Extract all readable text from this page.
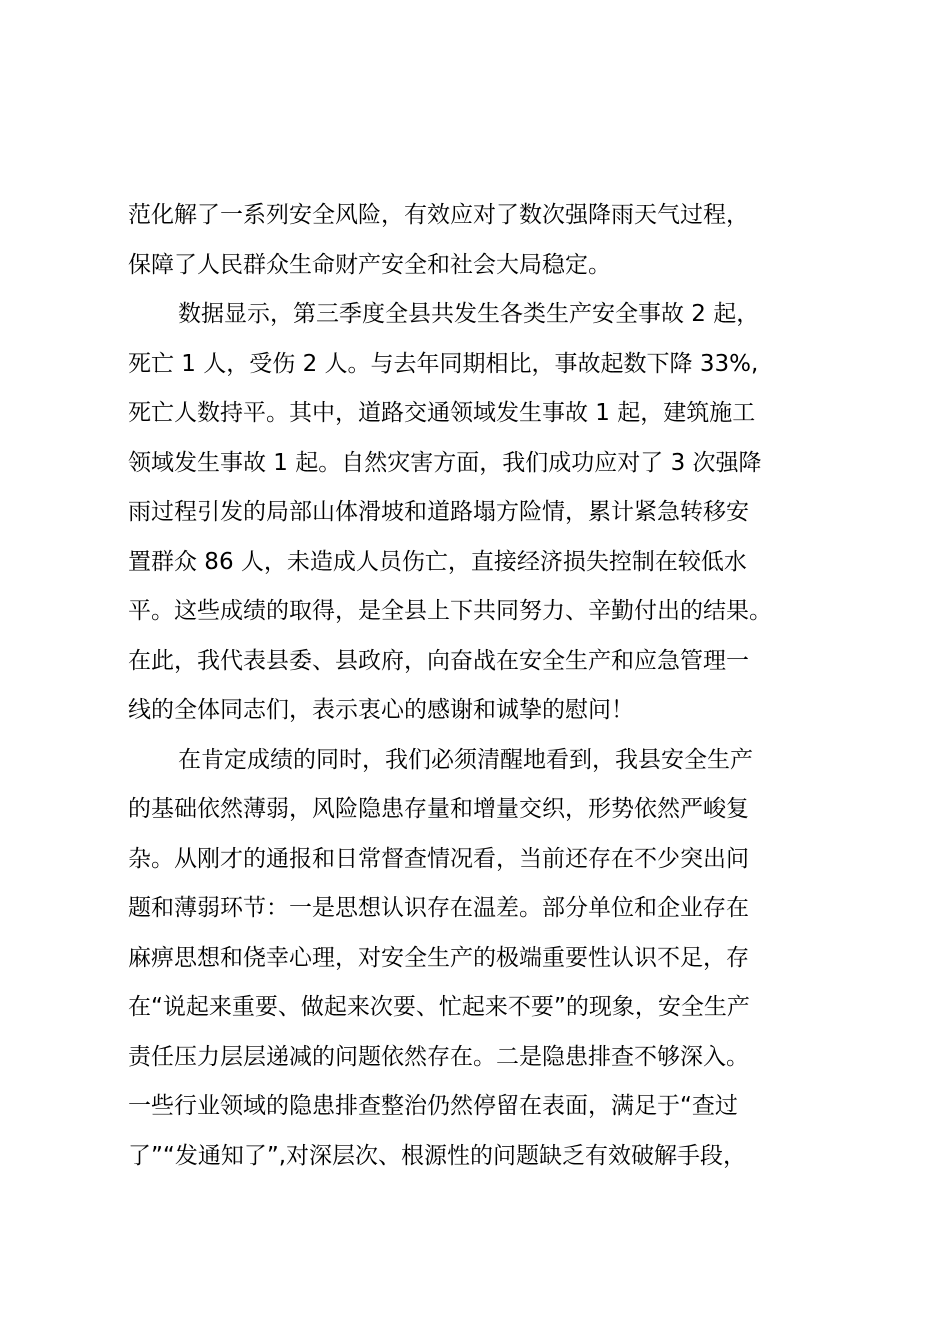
范化解了一系列安全风险，有效应对了数次强降雨天气过程，
保障了人民群众生命财产安全和社会大局稳定。
数据显示，第三季度全县共发生各类生产安全事故 2 起，
死亡 1 人，受伤 2 人。与去年同期相比，事故起数下降 33%,
死亡人数持平。其中，道路交通领域发生事故 1 起，建筑施工
领域发生事故 1 起。自然灾害方面，我们成功应对了 3 次强降
雨过程引发的局部山体滑坡和道路塌方险情，累计紧急转移安
置群众 86 人，未造成人员伤亡，直接经济损失控制在较低水
平。这些成绩的取得，是全县上下共同努力、辛勤付出的结果。
在此，我代表县委、县政府，向奋战在安全生产和应急管理一
线的全体同志们，表示衷心的感谢和诚挚的慰问！
在肯定成绩的同时，我们必须清醒地看到，我县安全生产
的基础依然薄弱，风险隐患存量和增量交织，形势依然严峻复
杂。从刚才的通报和日常督查情况看，当前还存在不少突出问
题和薄弱环节：一是思想认识存在温差。部分单位和企业存在
麻痹思想和侥幸心理，对安全生产的极端重要性认识不足，存
在“说起来重要、做起来次要、忙起来不要”的现象，安全生产
责任压力层层递减的问题依然存在。二是隐患排查不够深入。
一些行业领域的隐患排查整治仍然停留在表面，满足于“查过
了”“发通知了”,对深层次、根源性的问题缺乏有效破解手段，
